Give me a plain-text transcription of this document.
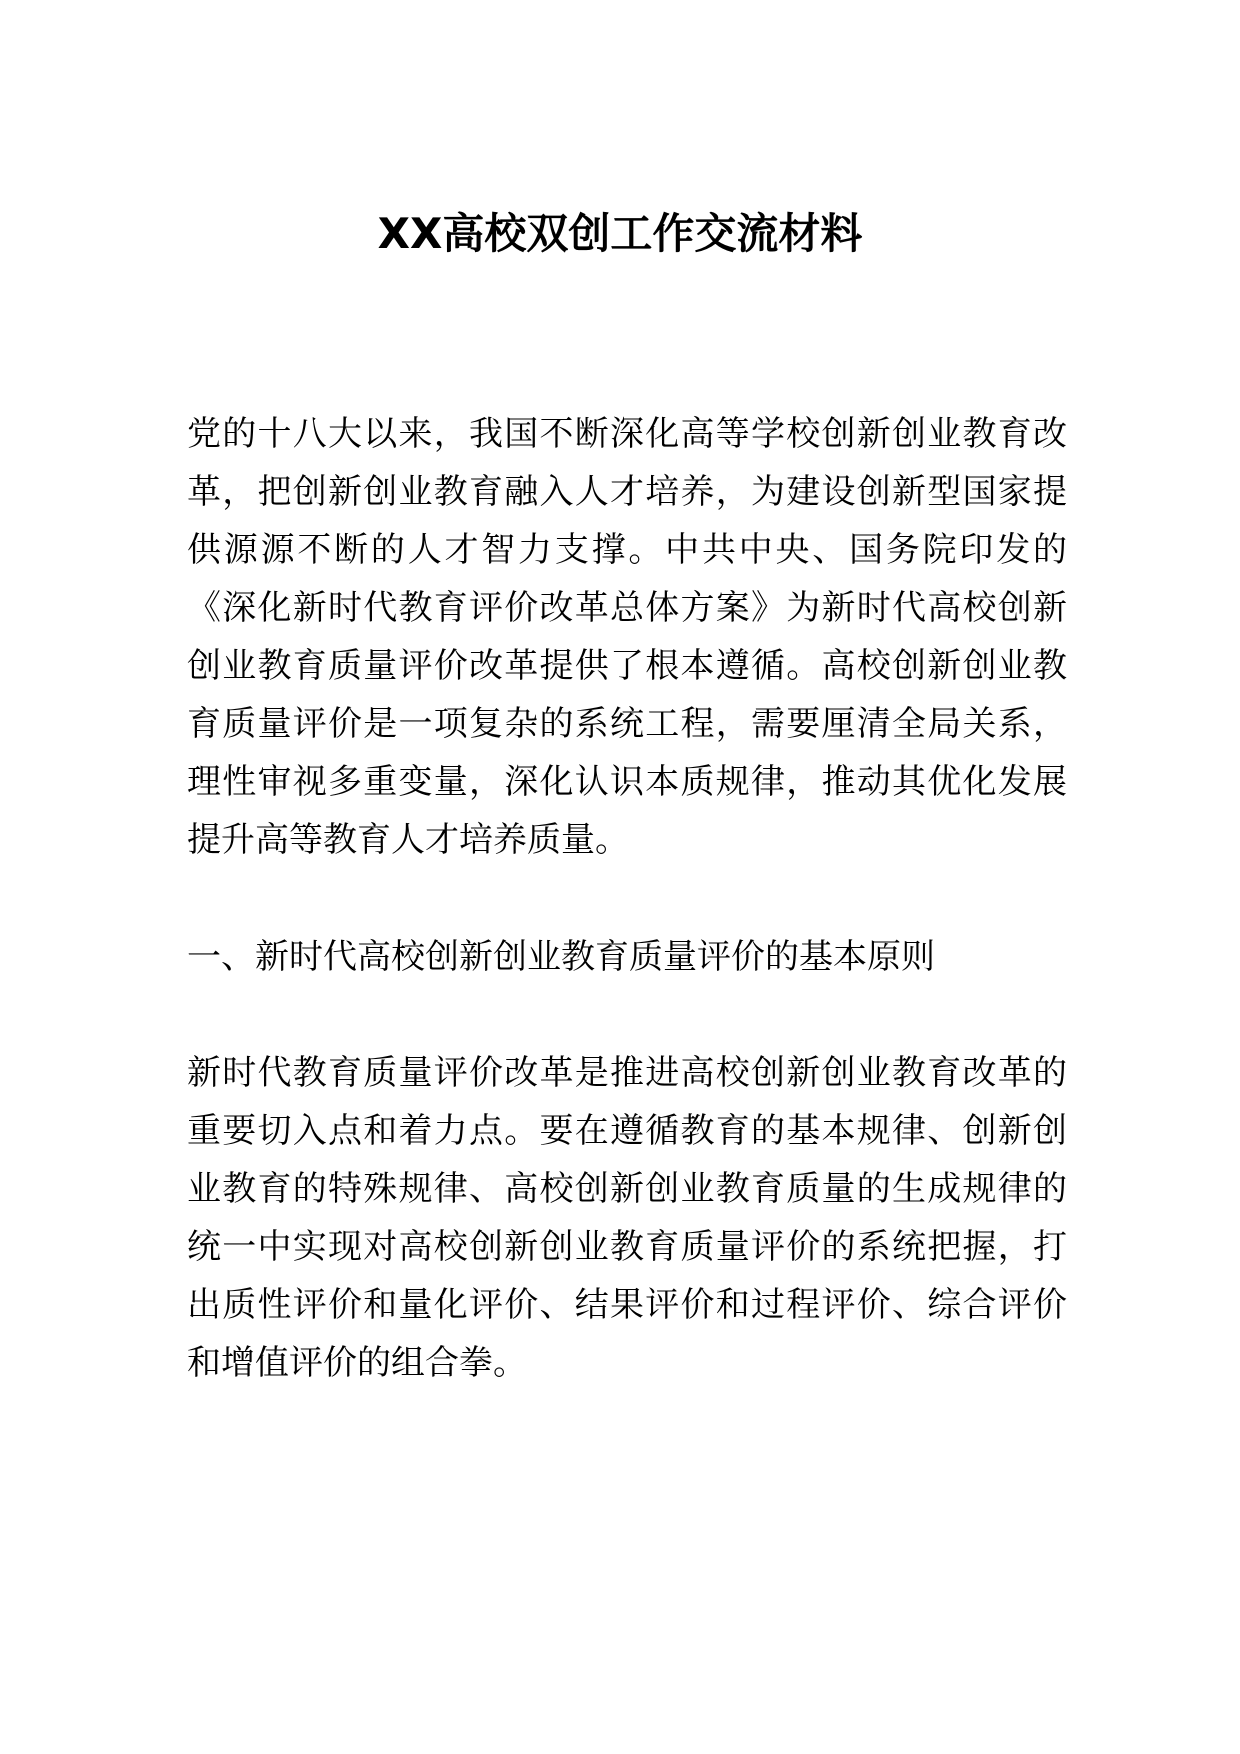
XX高校双创工作交流材料

党的十八大以来，我国不断深化高等学校创新创业教育改

革，把创新创业教育融入人才培养，为建设创新型国家提

供源源不断的人才智力支撑。中共中央、国务院印发的

《深化新时代教育评价改革总体方案》为新时代高校创新

创业教育质量评价改革提供了根本遵循。高校创新创业教

育质量评价是一项复杂的系统工程，需要厘清全局关系，

理性审视多重变量，深化认识本质规律，推动其优化发展

提升高等教育人才培养质量。

一、新时代高校创新创业教育质量评价的基本原则

新时代教育质量评价改革是推进高校创新创业教育改革的

重要切入点和着力点。要在遵循教育的基本规律、创新创

业教育的特殊规律、高校创新创业教育质量的生成规律的

统一中实现对高校创新创业教育质量评价的系统把握，打

出质性评价和量化评价、结果评价和过程评价、综合评价

和增值评价的组合拳。
